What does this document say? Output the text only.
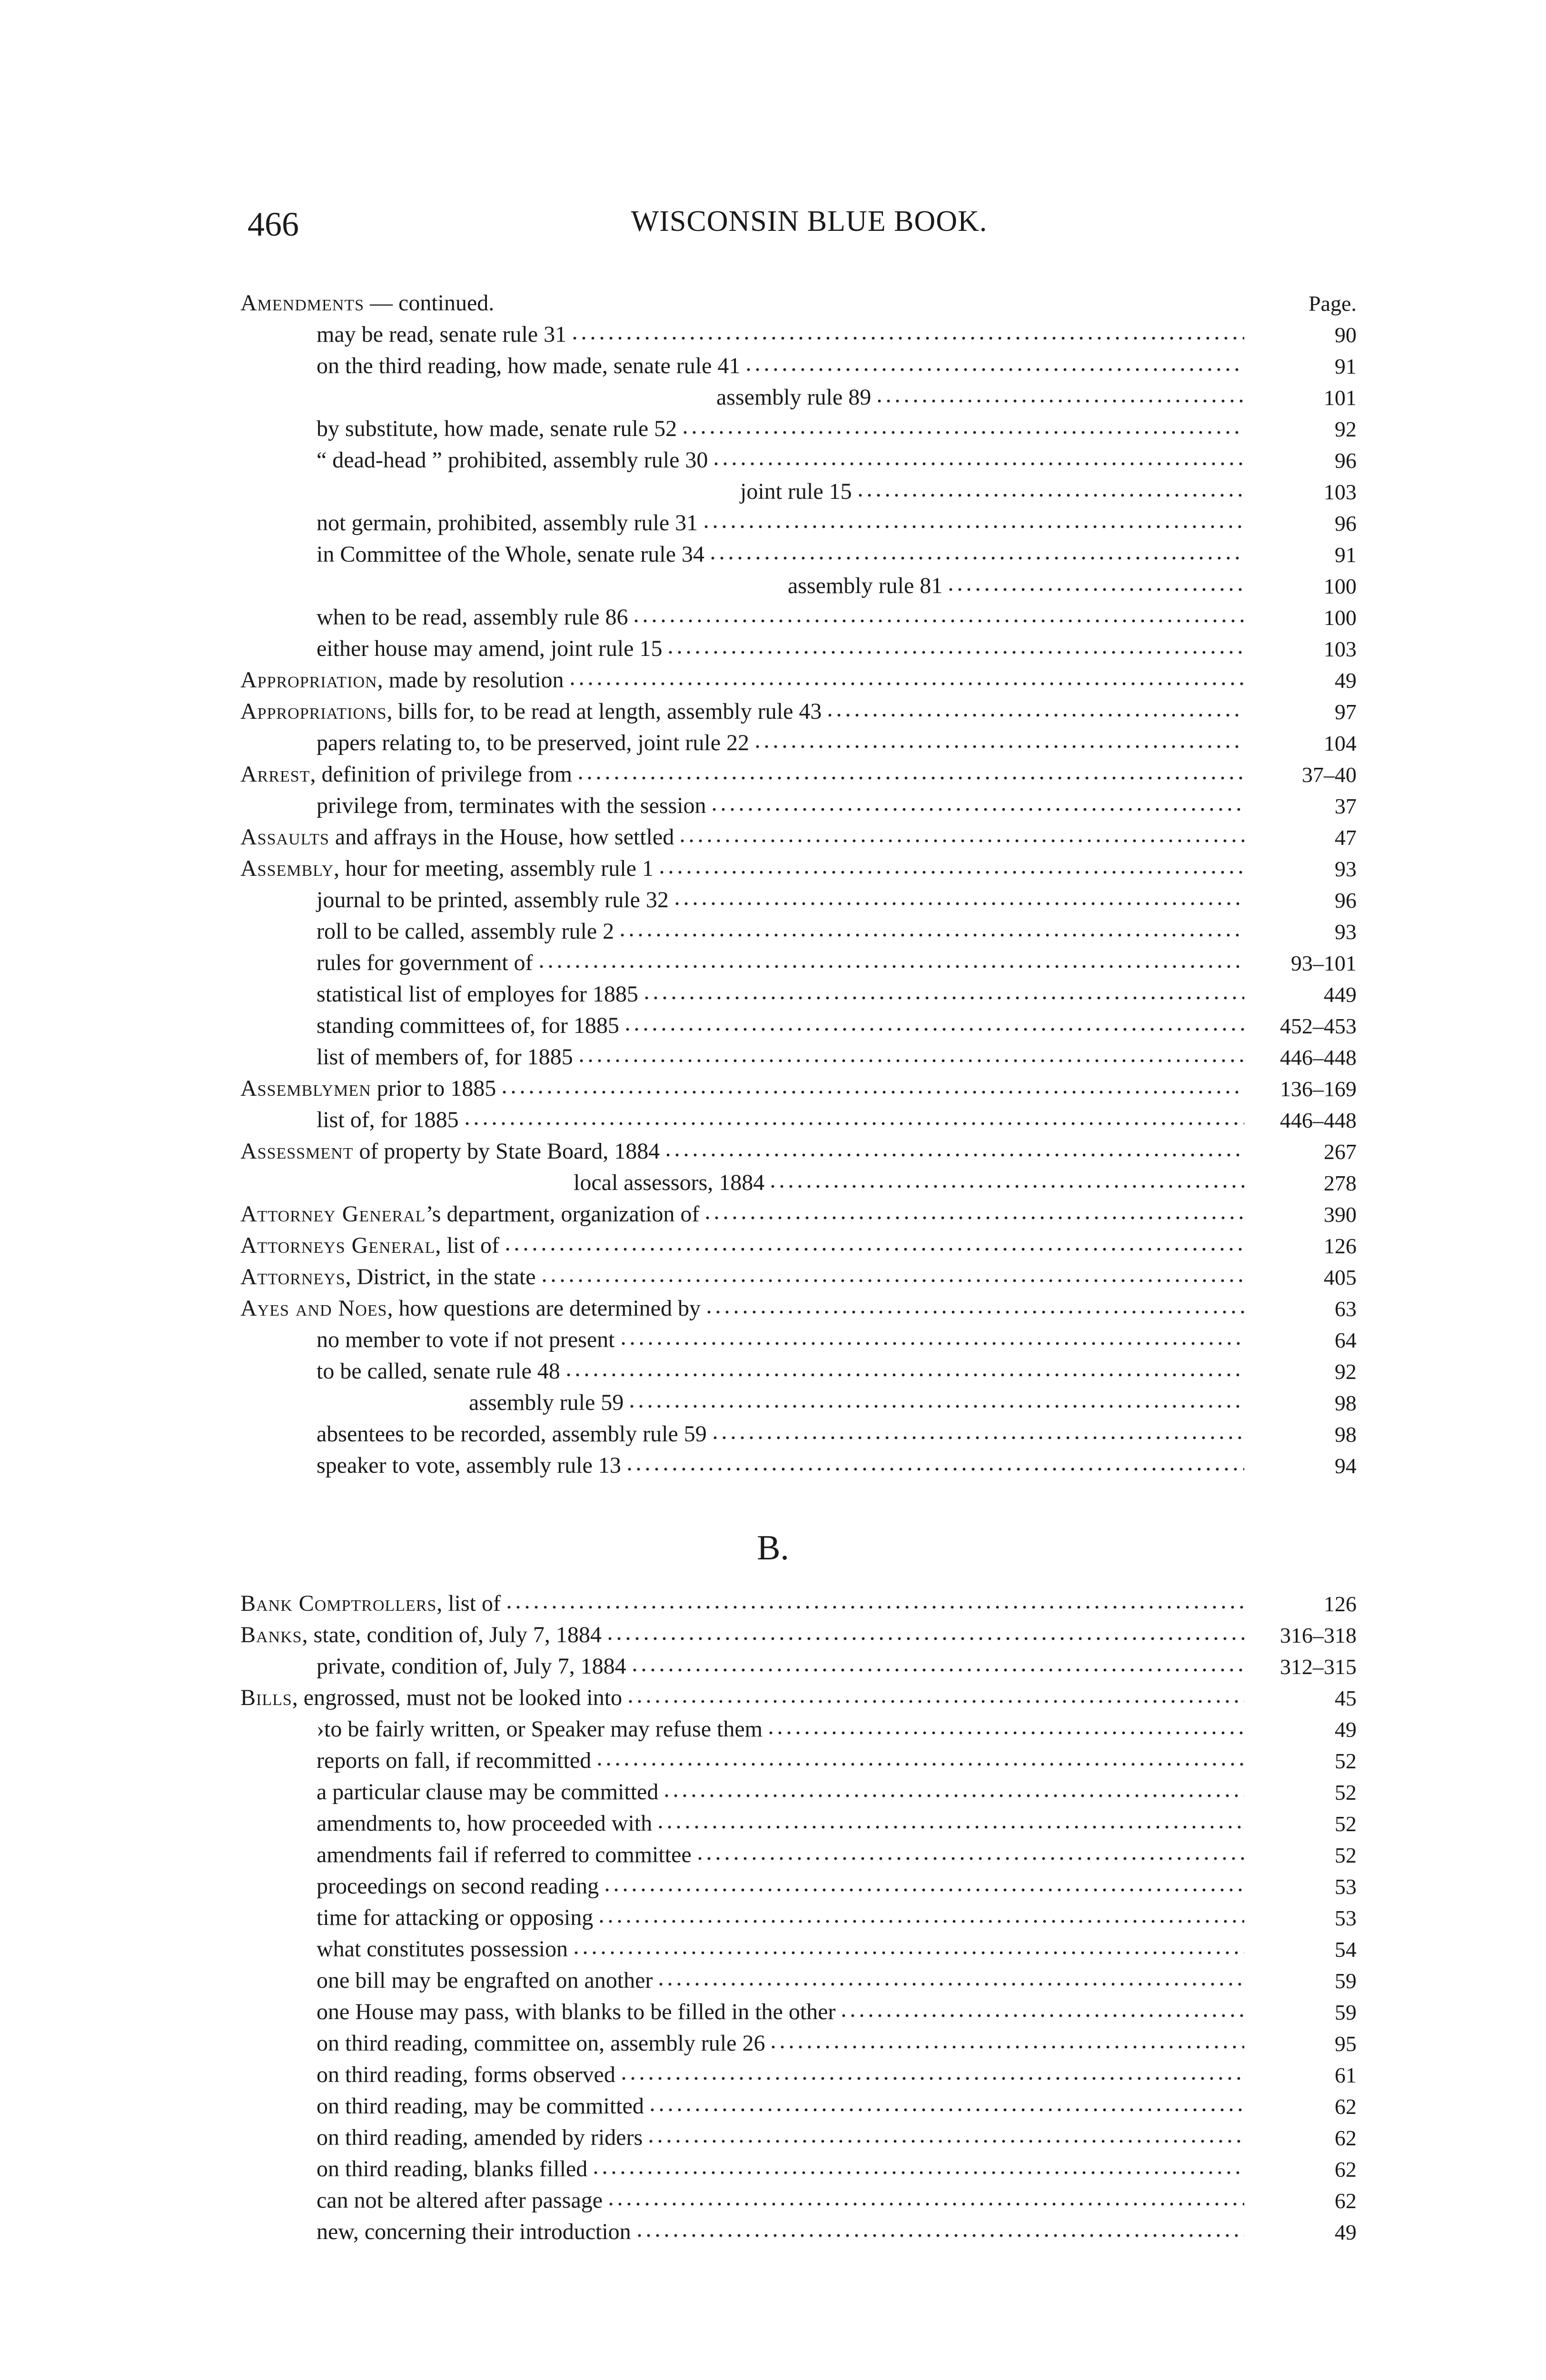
466	WISCONSIN BLUE BOOK.
Amendments — continued.	Page.
may be read, senate rule 31	90
on the third reading, how made, senate rule 41	91
assembly rule 89	101
by substitute, how made, senate rule 52	92
“ dead-head ” prohibited, assembly rule 30	96
joint rule 15	103
not germain, prohibited, assembly rule 31	96
in Committee of the Whole, senate rule 34	91
assembly rule 81	100
when to be read, assembly rule 86	100
either house may amend, joint rule 15	103
Appropriation, made by resolution	49
Appropriations, bills for, to be read at length, assembly rule 43	97
papers relating to, to be preserved, joint rule 22	104
Arrest, definition of privilege from	37–40
privilege from, terminates with the session	37
Assaults and affrays in the House, how settled	47
Assembly, hour for meeting, assembly rule 1	93
journal to be printed, assembly rule 32	96
roll to be called, assembly rule 2	93
rules for government of	93–101
statistical list of employes for 1885	449
standing committees of, for 1885	452–453
list of members of, for 1885	446–448
Assemblymen prior to 1885	136–169
list of, for 1885	446–448
Assessment of property by State Board, 1884	267
local assessors, 1884	278
Attorney General’s department, organization of	390
Attorneys General, list of	126
Attorneys, District, in the state	405
Ayes and Noes, how questions are determined by	63
no member to vote if not present	64
to be called, senate rule 48	92
assembly rule 59	98
absentees to be recorded, assembly rule 59	98
speaker to vote, assembly rule 13	94
B.
Bank Comptrollers, list of	126
Banks, state, condition of, July 7, 1884	316–318
private, condition of, July 7, 1884	312–315
Bills, engrossed, must not be looked into	45
›to be fairly written, or Speaker may refuse them	49
reports on fall, if recommitted	52
a particular clause may be committed	52
amendments to, how proceeded with	52
amendments fail if referred to committee	52
proceedings on second reading	53
time for attacking or opposing	53
what constitutes possession	54
one bill may be engrafted on another	59
one House may pass, with blanks to be filled in the other	59
on third reading, committee on, assembly rule 26	95
on third reading, forms observed	61
on third reading, may be committed	62
on third reading, amended by riders	62
on third reading, blanks filled	62
can not be altered after passage	62
new, concerning their introduction	49
